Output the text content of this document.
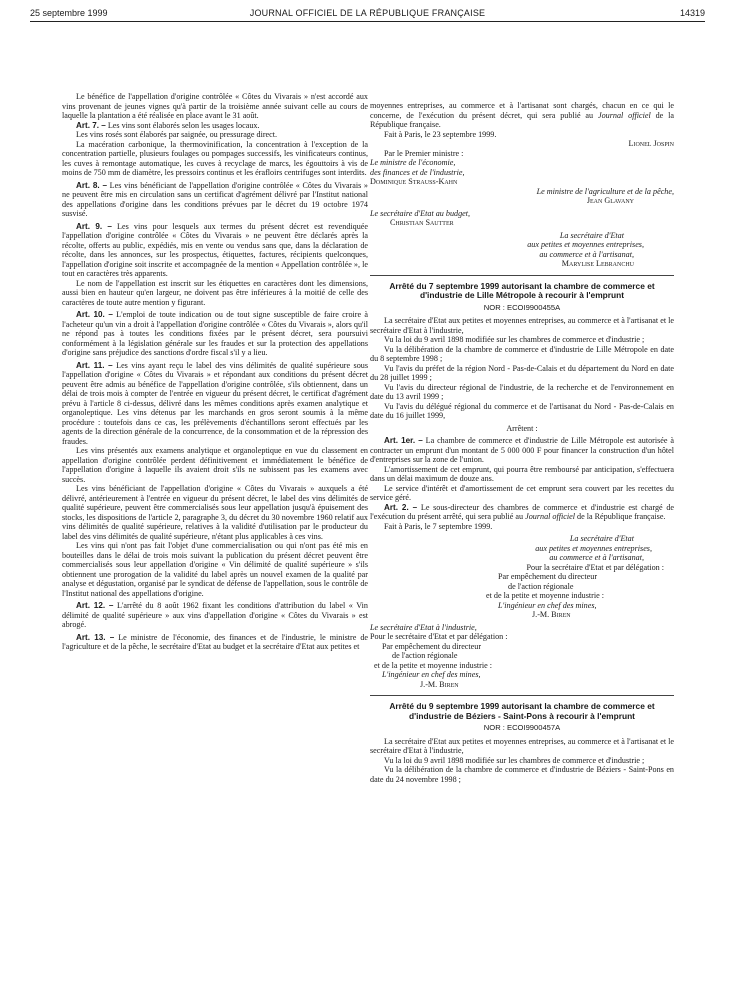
25 septembre 1999	JOURNAL OFFICIEL DE LA RÉPUBLIQUE FRANÇAISE	14319

Le bénéfice de l'appellation d'origine contrôlée « Côtes du Vivarais » n'est accordé aux vins provenant de jeunes vignes qu'à partir de la troisième année suivant celle au cours de laquelle la plantation a été réalisée en place avant le 31 août.

Art. 7. – Les vins sont élaborés selon les usages locaux.

Les vins rosés sont élaborés par saignée, ou pressurage direct.

La macération carbonique, la thermovinification, la concentration à l'exception de la concentration partielle, plusieurs foulages ou pompages successifs, les vinificateurs continus, les cuves à remontage automatique, les cuves à recyclage de marcs, les égouttoirs à vis de moins de 750 mm de diamètre, les pressoirs continus et les érafloirs centrifuges sont interdits.

Art. 8. – Les vins bénéficiant de l'appellation d'origine contrôlée « Côtes du Vivarais » ne peuvent être mis en circulation sans un certificat d'agrément délivré par l'Institut national des appellations d'origine dans les conditions prévues par le décret du 19 octobre 1974 susvisé.

Art. 9. – Les vins pour lesquels aux termes du présent décret est revendiquée l'appellation d'origine contrôlée « Côtes du Vivarais » ne peuvent être déclarés après la récolte, offerts au public, expédiés, mis en vente ou vendus sans que, dans la déclaration de récolte, dans les annonces, sur les prospectus, étiquettes, factures, récipients quelconques, l'appellation d'origine soit inscrite et accompagnée de la mention « Appellation contrôlée », le tout en caractères très apparents.

Le nom de l'appellation est inscrit sur les étiquettes en caractères dont les dimensions, aussi bien en hauteur qu'en largeur, ne doivent pas être inférieures à la moitié de celle des caractères de toute autre mention y figurant.

Art. 10. – L'emploi de toute indication ou de tout signe susceptible de faire croire à l'acheteur qu'un vin a droit à l'appellation d'origine contrôlée « Côtes du Vivarais », alors qu'il ne répond pas à toutes les conditions fixées par le présent décret, sera poursuivi conformément à la législation générale sur les fraudes et sur la protection des appellations d'origine sans préjudice des sanctions d'ordre fiscal s'il y a lieu.

Art. 11. – Les vins ayant reçu le label des vins délimités de qualité supérieure sous l'appellation d'origine « Côtes du Vivarais » et répondant aux conditions du présent décret peuvent être admis au bénéfice de l'appellation d'origine contrôlée, s'ils obtiennent, dans un délai de trois mois à compter de l'entrée en vigueur du présent décret, le certificat d'agrément prévu à l'article 8 ci-dessus, délivré dans les mêmes conditions après examen analytique et organoleptique. Les vins détenus par les marchands en gros seront soumis à la même procédure : toutefois dans ce cas, les prélèvements d'échantillons seront effectués par les agents de la direction générale de la concurrence, de la consommation et de la répression des fraudes.

Les vins présentés aux examens analytique et organoleptique en vue du classement en appellation d'origine contrôlée perdent définitivement et immédiatement le bénéfice de l'appellation d'origine à laquelle ils avaient droit s'ils ne subissent pas les examens avec succès.

Les vins bénéficiant de l'appellation d'origine « Côtes du Vivarais » auxquels a été délivré, antérieurement à l'entrée en vigueur du présent décret, le label des vins délimités de qualité supérieure, peuvent être commercialisés sous leur appellation jusqu'à épuisement des stocks, les dispositions de l'article 2, paragraphe 3, du décret du 30 novembre 1960 relatif aux vins délimités de qualité supérieure, relatives à la validité d'utilisation par le producteur du label des vins délimités de qualité supérieure, n'étant plus applicables à ces vins.

Les vins qui n'ont pas fait l'objet d'une commercialisation ou qui n'ont pas été mis en bouteilles dans le délai de trois mois suivant la publication du présent décret peuvent être commercialisés sous leur appellation d'origine « Vin délimité de qualité supérieure » s'ils obtiennent une prorogation de la validité du label après un nouvel examen de la qualité par analyse et dégustation, organisé par le syndicat de défense de l'appellation, sous le contrôle de l'Institut national des appellations d'origine.

Art. 12. – L'arrêté du 8 août 1962 fixant les conditions d'attribution du label « Vin délimité de qualité supérieure » aux vins d'appellation d'origine « Côtes du Vivarais » est abrogé.

Art. 13. – Le ministre de l'économie, des finances et de l'industrie, le ministre de l'agriculture et de la pêche, le secrétaire d'Etat au budget et la secrétaire d'Etat aux petites et

moyennes entreprises, au commerce et à l'artisanat sont chargés, chacun en ce qui le concerne, de l'exécution du présent décret, qui sera publié au Journal officiel de la République française.

Fait à Paris, le 23 septembre 1999.

Lionel Jospin

Par le Premier ministre :

Le ministre de l'économie,

des finances et de l'industrie,

Dominique Strauss-Kahn

Le ministre de l'agriculture et de la pêche,

Jean Glavany

Le secrétaire d'Etat au budget,

Christian Sautter

La secrétaire d'Etat

aux petites et moyennes entreprises,

au commerce et à l'artisanat,

Marylise Lebranchu

Arrêté du 7 septembre 1999 autorisant la chambre de commerce et d'industrie de Lille Métropole à recourir à l'emprunt

NOR : ECOI9900455A

La secrétaire d'Etat aux petites et moyennes entreprises, au commerce et à l'artisanat et le secrétaire d'Etat à l'industrie,

Vu la loi du 9 avril 1898 modifiée sur les chambres de commerce et d'industrie ;

Vu la délibération de la chambre de commerce et d'industrie de Lille Métropole en date du 8 septembre 1998 ;

Vu l'avis du préfet de la région Nord - Pas-de-Calais et du département du Nord en date du 28 juillet 1999 ;

Vu l'avis du directeur régional de l'industrie, de la recherche et de l'environnement en date du 13 avril 1999 ;

Vu l'avis du délégué régional du commerce et de l'artisanat du Nord - Pas-de-Calais en date du 16 juillet 1999,

Arrêtent :

Art. 1er. – La chambre de commerce et d'industrie de Lille Métropole est autorisée à contracter un emprunt d'un montant de 5 000 000 F pour financer la construction d'un hôtel d'entreprises sur la zone de l'union.

L'amortissement de cet emprunt, qui pourra être remboursé par anticipation, s'effectuera dans un délai maximum de douze ans.

Le service d'intérêt et d'amortissement de cet emprunt sera couvert par les recettes du service géré.

Art. 2. – Le sous-directeur des chambres de commerce et d'industrie est chargé de l'exécution du présent arrêté, qui sera publié au Journal officiel de la République française.

Fait à Paris, le 7 septembre 1999.

La secrétaire d'Etat

aux petites et moyennes entreprises,

au commerce et à l'artisanat,

Pour la secrétaire d'Etat et par délégation :

Par empêchement du directeur

de l'action régionale

et de la petite et moyenne industrie :

L'ingénieur en chef des mines,

J.-M. Biren

Le secrétaire d'Etat à l'industrie,

Pour le secrétaire d'Etat et par délégation :

Par empêchement du directeur

de l'action régionale

et de la petite et moyenne industrie :

L'ingénieur en chef des mines,

J.-M. Biren

Arrêté du 9 septembre 1999 autorisant la chambre de commerce et d'industrie de Béziers - Saint-Pons à recourir à l'emprunt

NOR : ECOI9900457A

La secrétaire d'Etat aux petites et moyennes entreprises, au commerce et à l'artisanat et le secrétaire d'Etat à l'industrie,

Vu la loi du 9 avril 1898 modifiée sur les chambres de commerce et d'industrie ;

Vu la délibération de la chambre de commerce et d'industrie de Béziers - Saint-Pons en date du 24 novembre 1998 ;
